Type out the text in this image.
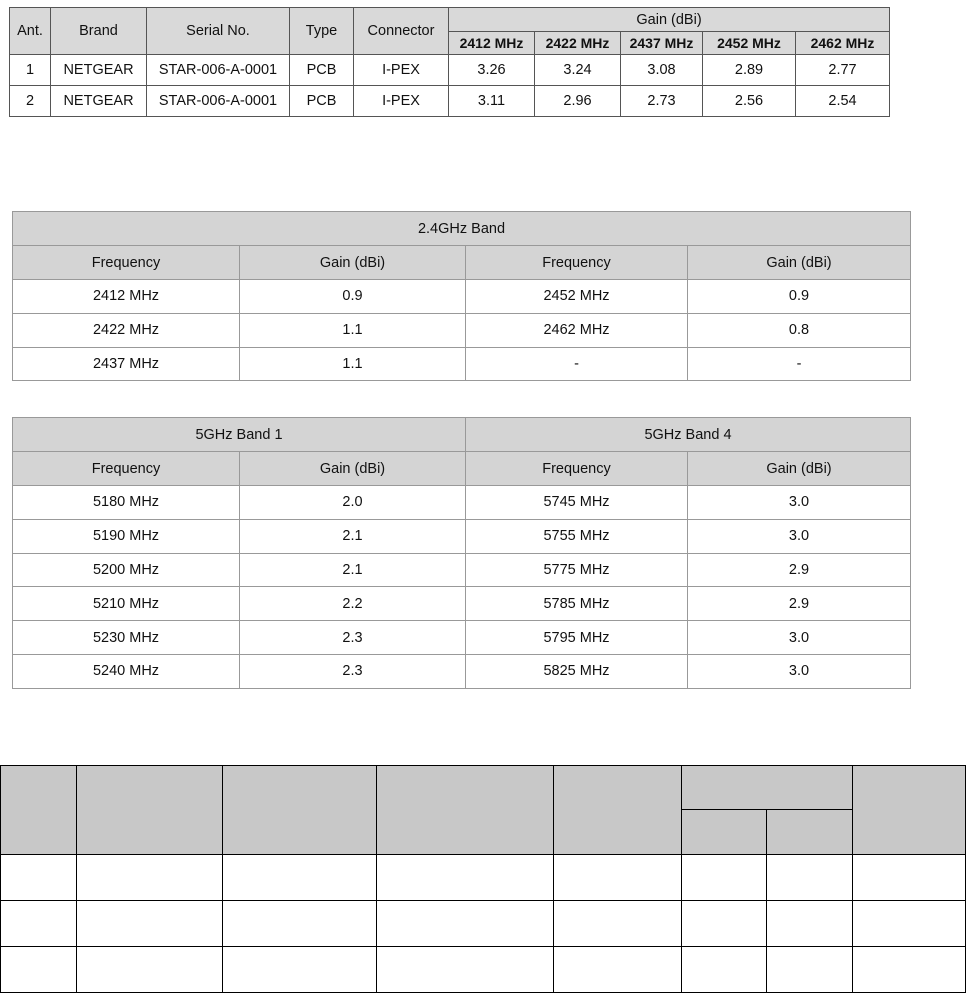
Ant.	Brand	Serial No.	Type	Connector	Gain (dBi)				
					2412 MHz	2422 MHz	2437 MHz	2452 MHz	2462 MHz
1	NETGEAR	STAR-006-A-0001	PCB	I-PEX	3.26	3.24	3.08	2.89	2.77
2	NETGEAR	STAR-006-A-0001	PCB	I-PEX	3.11	2.96	2.73	2.56	2.54
2.4GHz Band			
Frequency	Gain (dBi)	Frequency	Gain (dBi)
2412 MHz	0.9	2452 MHz	0.9
2422 MHz	1.1	2462 MHz	0.8
2437 MHz	1.1	-	-
5GHz Band 1		5GHz Band 4	
Frequency	Gain (dBi)	Frequency	Gain (dBi)
5180 MHz	2.0	5745 MHz	3.0
5190 MHz	2.1	5755 MHz	3.0
5200 MHz	2.1	5775 MHz	2.9
5210 MHz	2.2	5785 MHz	2.9
5230 MHz	2.3	5795 MHz	3.0
5240 MHz	2.3	5825 MHz	3.0
